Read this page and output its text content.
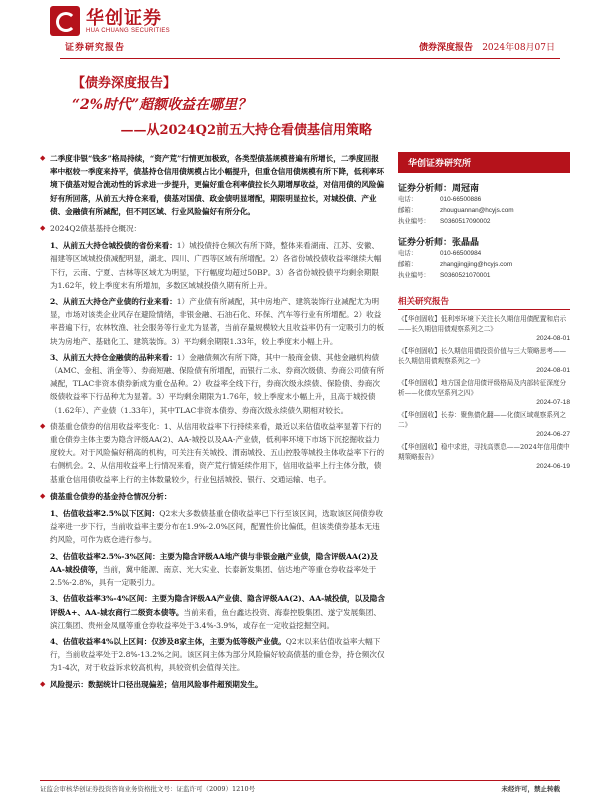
华创证券
HUA CHUANG SECURITIES
证券研究报告	债券深度报告 2024年08月07日
【债券深度报告】
“2%时代”超额收益在哪里？
——从2024Q2前五大持仓看债基信用策略
◆ 二季度非银“钱多”格局持续，“资产荒”行情更加极致，各类型债基规模普遍有所增长，二季度回报率中枢较一季度来持平，债基持仓信用债规模占比小幅提升，但重仓信用债规模有所下降，低利率环境下债基对短合流动性的诉求进一步提升，更偏好重仓利率债拉长久期增厚收益，对信用债的风险偏好有所回落，从前五大持仓来看，债基对国债、政金债明显增配，期限明显拉长，对城投债、产业债、金融债有所减配，但不同区域、行业风险偏好有所分化。
◆ 2024Q2债基基持仓概况：
1、从前五大持仓城投债的省份来看：1）城投债持仓频次有所下降，整体来看湖南、江苏、安徽、福建等区域城投债减配明显，湖北、四川、广西等区域有所增配。2）各省份城投债收益率继续大幅下行，云南、宁夏、吉林等区域尤为明显，下行幅度均超过50BP。3）各省份城投债平均剩余期限为1.62年，较上季度末有所增加，多数区域城投债久期有所上升。
2、从前五大持仓产业债的行业来看：1）产业债有所减配，其中房地产、建筑装饰行业减配尤为明显，市场对该类企业风存在避险情绪，非银金融、石油石化、环保、汽车等行业有所增配。2）收益率普遍下行，农林牧渔、社会服务等行业尤为显著，当前存量规模较大且收益率仍有一定吸引力的板块为房地产、基础化工、建筑装饰。3）平均剩余期限1.33年，较上季度末小幅上升。
3、从前五大持仓金融债的品种来看：1）金融债频次有所下降，其中一般商金债、其他金融机构债（AMC、金租、消金等）、券商短融、保险债有所增配，而银行二永、券商次级债、券商公司债有所减配，TLAC非资本债券新成为重仓品种。2）收益率全线下行，券商次级永续债、保险债、券商次级债收益率下行品种尤为显著。3）平均剩余期限为1.76年，较上季度末小幅上升，且高于城投债（1.62年）、产业债（1.33年），其中TLAC非资本债券、券商次级永续债久期相对较长。
◆ 债基重仓债券的信用收益率变化：1、从信用收益率下行持续来看，最近以来估值收益率显著下行的重仓债券主体主要为隐含评级AA(2)、AA-城投以及AA-产业债，低利率环境下市场下沉挖掘收益力度较大。对于风险偏好稍高的机构，可关注有关城投、渭南城投、五山控股等城投主体收益率下行的右侧机会。2、从信用收益率上行情况来看，资产荒行情延续作用下，信用收益率上行主体分散，债基重仓信用债收益率上行的主体数量较少，行业包括城投、银行、交通运输、电子。
◆ 债基重仓债券的基金持仓情况分析：
1、估值收益率2.5%以下区间：Q2末大多数债基重仓债收益率已下行至该区间，选取该区间债券收益率进一步下行，当前收益率主要分布在1.9%-2.0%区间，配置性价比偏低，但该类债券基本无违约风险，可作为底仓进行参与。
2、估值收益率2.5%-3%区间：主要为隐含评级AA地产债与非银金融产业债，隐含评级AA(2)及AA-城投债等，当前，冀中能源、南京、光大实业、长泰新发集团、信达地产等重仓券收益率处于2.5%-2.8%，具有一定吸引力。
3、估值收益率3%-4%区间：主要为隐含评级AA产业债、隐含评级AA(2)、AA-城投债，以及隐含评级A+、AA-城农商行二级资本债等。当前来看，鱼台鑫达投资、海泰控股集团、遂宁发展集团、滨江集团、贵州金凤凰等重仓券收益率处于3.4%-3.9%，或存在一定收益挖掘空间。
4、估值收益率4%以上区间：仅涉及8家主体，主要为低等级产业债。Q2末以来估值收益率大幅下行，当前收益率处于2.8%-13.2%之间。该区间主体为部分风险偏好较高债基的重仓券，持仓频次仅为1-4次，对于收益诉求较高机构，具较资机会值得关注。
◆ 风险提示：数据统计口径出现偏差；信用风险事件超预期发生。
华创证券研究所
证券分析师：周冠南
电话：	010-66500886
邮箱：	zhouguannan@hcyjs.com
执业编号： S0360517090002
证券分析师：张晶晶
电话：	010-66500984
邮箱：	zhangjingjing@hcyjs.com
执业编号： S0360521070001
相关研究报告
《【华创固收】低利率环境下关注长久期信用债配置和启示——长久期信用债观察系列之二》
2024-08-01
《【华创固收】长久期信用债投资价值与三大策略思考——长久期信用债观察系列之一》
2024-08-01
《【华创固收】地方国企信用债评级格局及内部转征深度分析——化债攻坚系列之四》
2024-07-18
《【华创固收】长券：聚焦债化翻——化债区域观察系列之二》
2024-06-27
《【华创固收】稳中求进，寻找高票息——2024年信用债中期策略报告》
2024-06-19
证监会审核华创证券投资咨询业务资格批文号：证监许可（2009）1210号	未经许可，禁止转载
